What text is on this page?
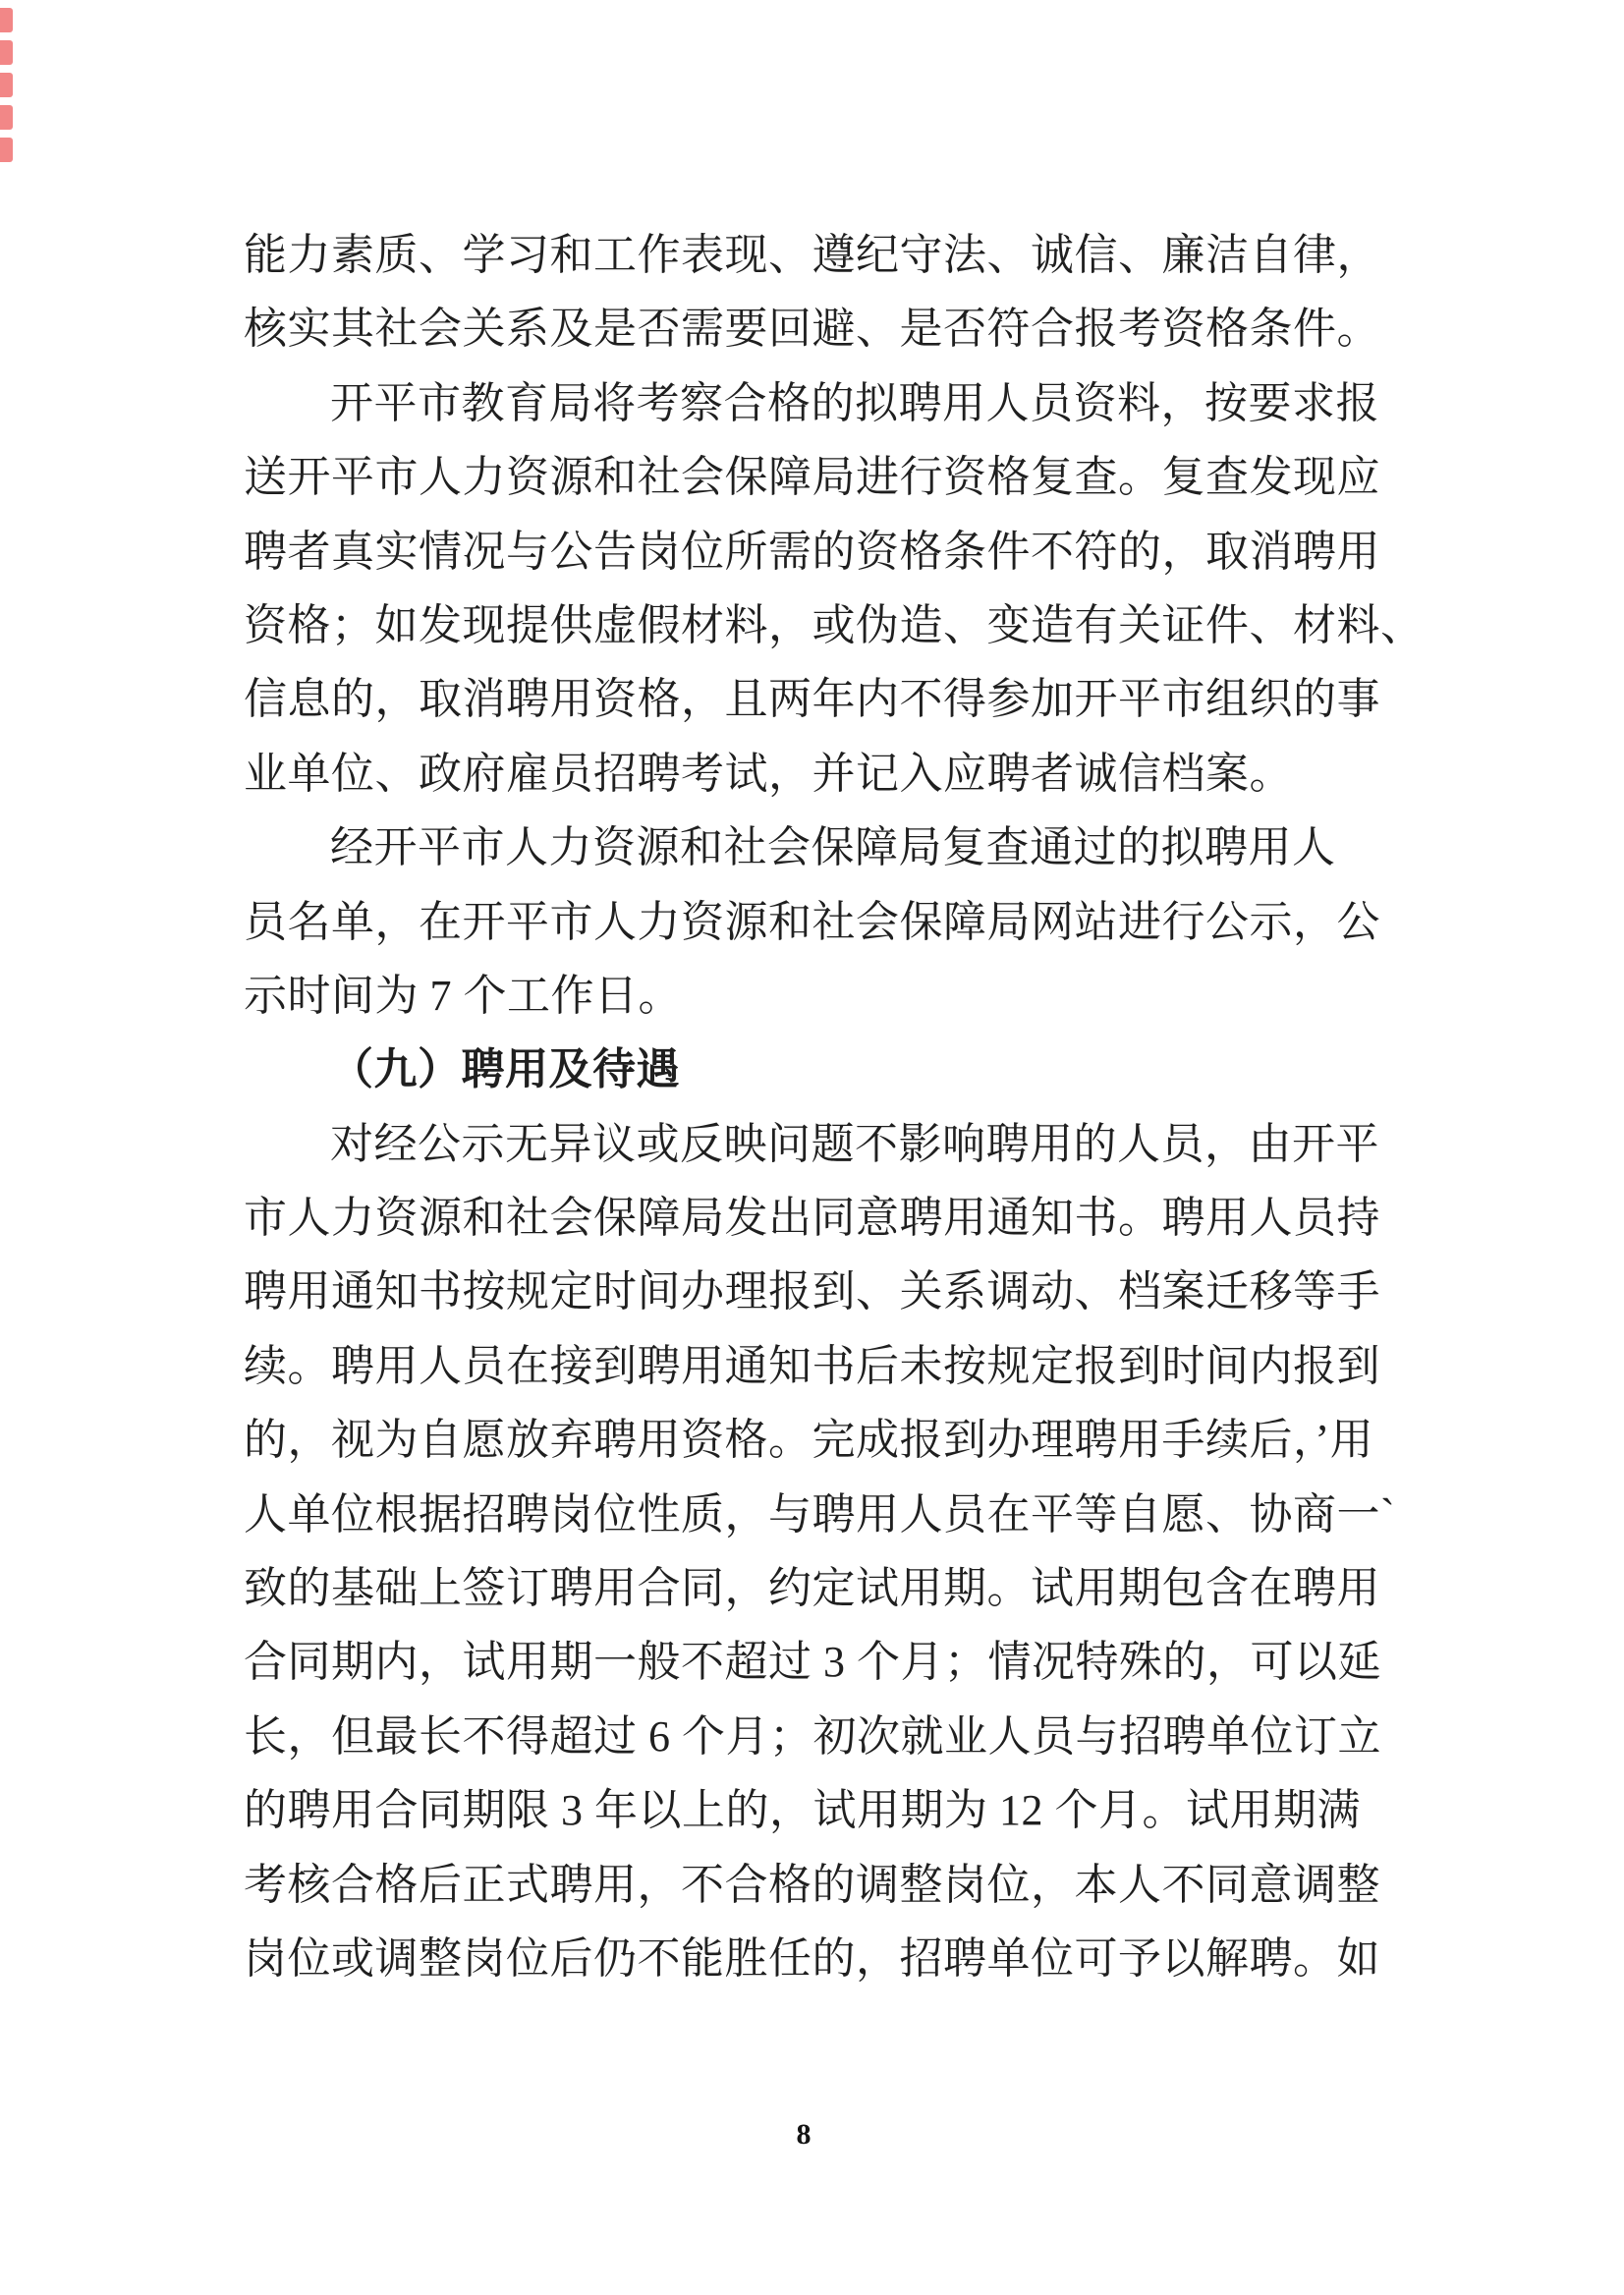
能力素质、学习和工作表现、遵纪守法、诚信、廉洁自律，
核实其社会关系及是否需要回避、是否符合报考资格条件。
开平市教育局将考察合格的拟聘用人员资料，按要求报
送开平市人力资源和社会保障局进行资格复查。复查发现应
聘者真实情况与公告岗位所需的资格条件不符的，取消聘用
资格；如发现提供虚假材料，或伪造、变造有关证件、材料、
信息的，取消聘用资格，且两年内不得参加开平市组织的事
业单位、政府雇员招聘考试，并记入应聘者诚信档案。
经开平市人力资源和社会保障局复查通过的拟聘用人
员名单，在开平市人力资源和社会保障局网站进行公示，公
示时间为 7 个工作日。
（九）聘用及待遇
对经公示无异议或反映问题不影响聘用的人员，由开平
市人力资源和社会保障局发出同意聘用通知书。聘用人员持
聘用通知书按规定时间办理报到、关系调动、档案迁移等手
续。聘用人员在接到聘用通知书后未按规定报到时间内报到
的，视为自愿放弃聘用资格。完成报到办理聘用手续后，’用
人单位根据招聘岗位性质，与聘用人员在平等自愿、协商一`
致的基础上签订聘用合同，约定试用期。试用期包含在聘用
合同期内，试用期一般不超过 3 个月；情况特殊的，可以延
长，但最长不得超过 6 个月；初次就业人员与招聘单位订立
的聘用合同期限 3 年以上的，试用期为 12 个月。试用期满
考核合格后正式聘用，不合格的调整岗位，本人不同意调整
岗位或调整岗位后仍不能胜任的，招聘单位可予以解聘。如
8
